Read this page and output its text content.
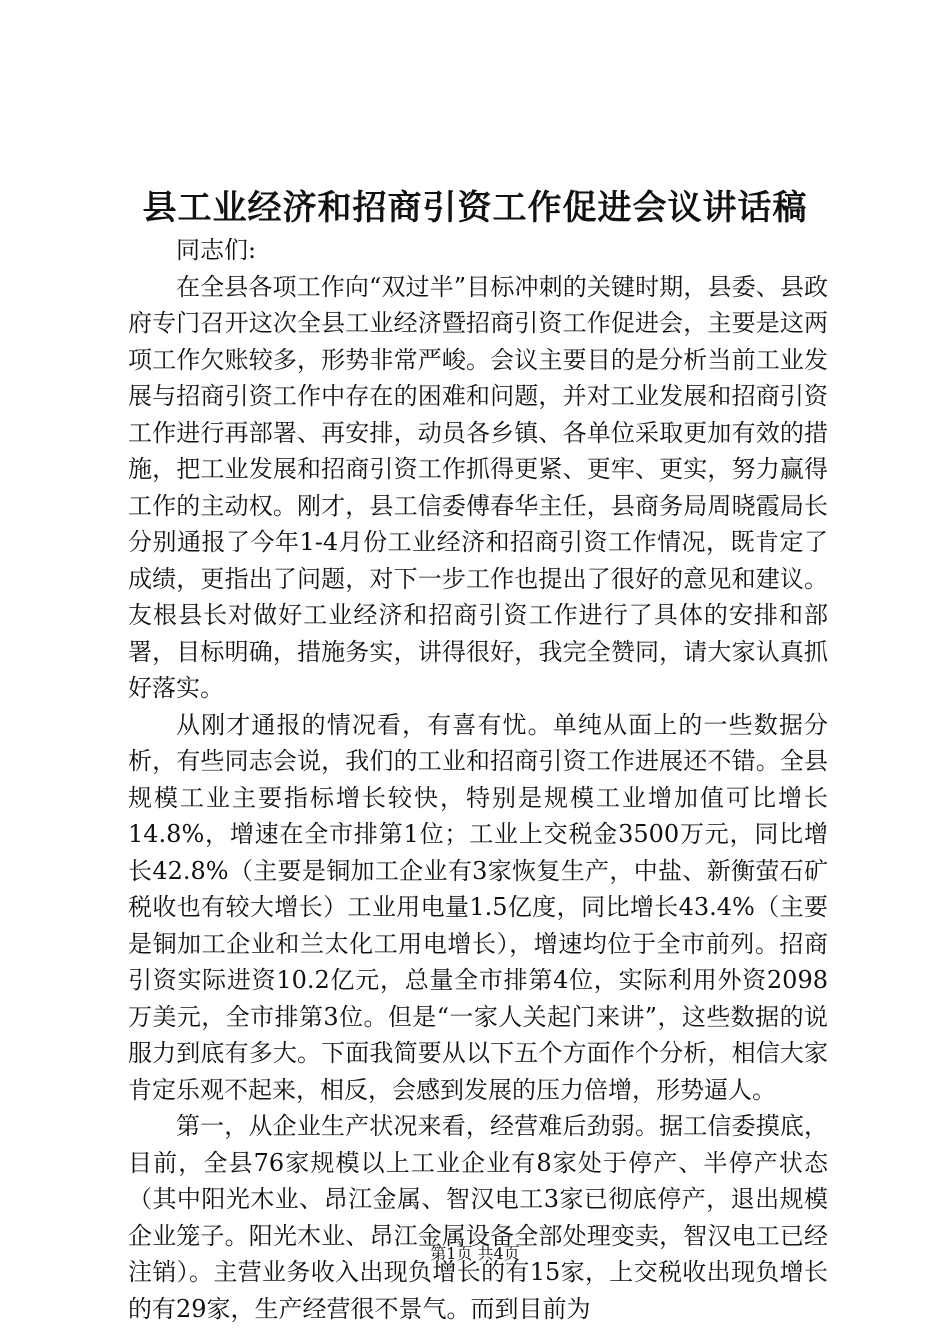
县工业经济和招商引资工作促进会议讲话稿

同志们:

在全县各项工作向“双过半”目标冲刺的关键时期，县委、县政府专门召开这次全县工业经济暨招商引资工作促进会，主要是这两项工作欠账较多，形势非常严峻。会议主要目的是分析当前工业发展与招商引资工作中存在的困难和问题，并对工业发展和招商引资工作进行再部署、再安排，动员各乡镇、各单位采取更加有效的措施，把工业发展和招商引资工作抓得更紧、更牢、更实，努力赢得工作的主动权。刚才，县工信委傅春华主任，县商务局周晓霞局长分别通报了今年1-4月份工业经济和招商引资工作情况，既肯定了成绩，更指出了问题，对下一步工作也提出了很好的意见和建议。友根县长对做好工业经济和招商引资工作进行了具体的安排和部署，目标明确，措施务实，讲得很好，我完全赞同，请大家认真抓好落实。

从刚才通报的情况看，有喜有忧。单纯从面上的一些数据分析，有些同志会说，我们的工业和招商引资工作进展还不错。全县规模工业主要指标增长较快，特别是规模工业增加值可比增长14.8%，增速在全市排第1位；工业上交税金3500万元，同比增长42.8%（主要是铜加工企业有3家恢复生产，中盐、新衡萤石矿税收也有较大增长）工业用电量1.5亿度，同比增长43.4%（主要是铜加工企业和兰太化工用电增长），增速均位于全市前列。招商引资实际进资10.2亿元，总量全市排第4位，实际利用外资2098万美元，全市排第3位。但是“一家人关起门来讲”，这些数据的说服力到底有多大。下面我简要从以下五个方面作个分析，相信大家肯定乐观不起来，相反，会感到发展的压力倍增，形势逼人。

第一，从企业生产状况来看，经营难后劲弱。据工信委摸底，目前，全县76家规模以上工业企业有8家处于停产、半停产状态（其中阳光木业、昂江金属、智汉电工3家已彻底停产，退出规模企业笼子。阳光木业、昂江金属设备全部处理变卖，智汉电工已经注销）。主营业务收入出现负增长的有15家，上交税收出现负增长的有29家，生产经营很不景气。而到目前为

第1页 共4页
